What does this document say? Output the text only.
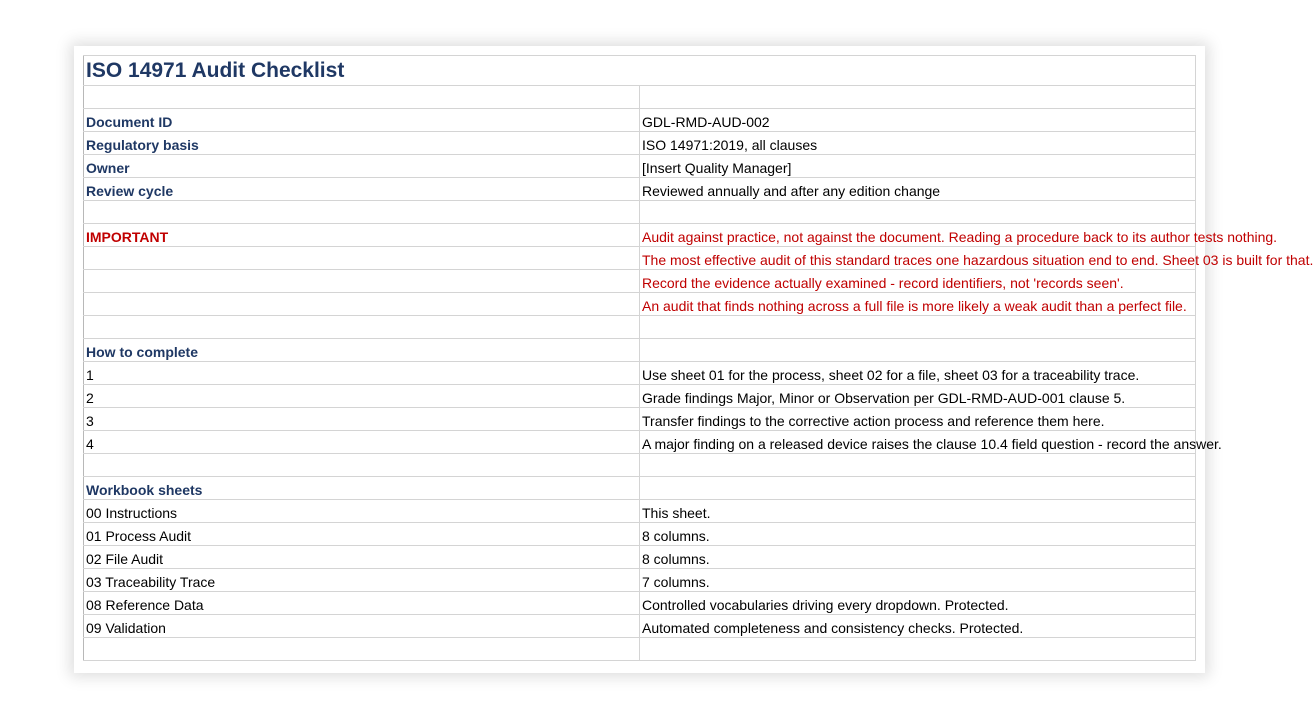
ISO 14971 Audit Checklist	

Document ID	GDL-RMD-AUD-002
Regulatory basis	ISO 14971:2019, all clauses
Owner	[Insert Quality Manager]
Review cycle	Reviewed annually and after any edition change

IMPORTANT	Audit against practice, not against the document. Reading a procedure back to its author tests nothing.
	The most effective audit of this standard traces one hazardous situation end to end. Sheet 03 is built for that.
	Record the evidence actually examined - record identifiers, not 'records seen'.
	An audit that finds nothing across a full file is more likely a weak audit than a perfect file.

How to complete	
1	Use sheet 01 for the process, sheet 02 for a file, sheet 03 for a traceability trace.
2	Grade findings Major, Minor or Observation per GDL-RMD-AUD-001 clause 5.
3	Transfer findings to the corrective action process and reference them here.
4	A major finding on a released device raises the clause 10.4 field question - record the answer.

Workbook sheets	
00 Instructions	This sheet.
01 Process Audit	8 columns.
02 File Audit	8 columns.
03 Traceability Trace	7 columns.
08 Reference Data	Controlled vocabularies driving every dropdown. Protected.
09 Validation	Automated completeness and consistency checks. Protected.
